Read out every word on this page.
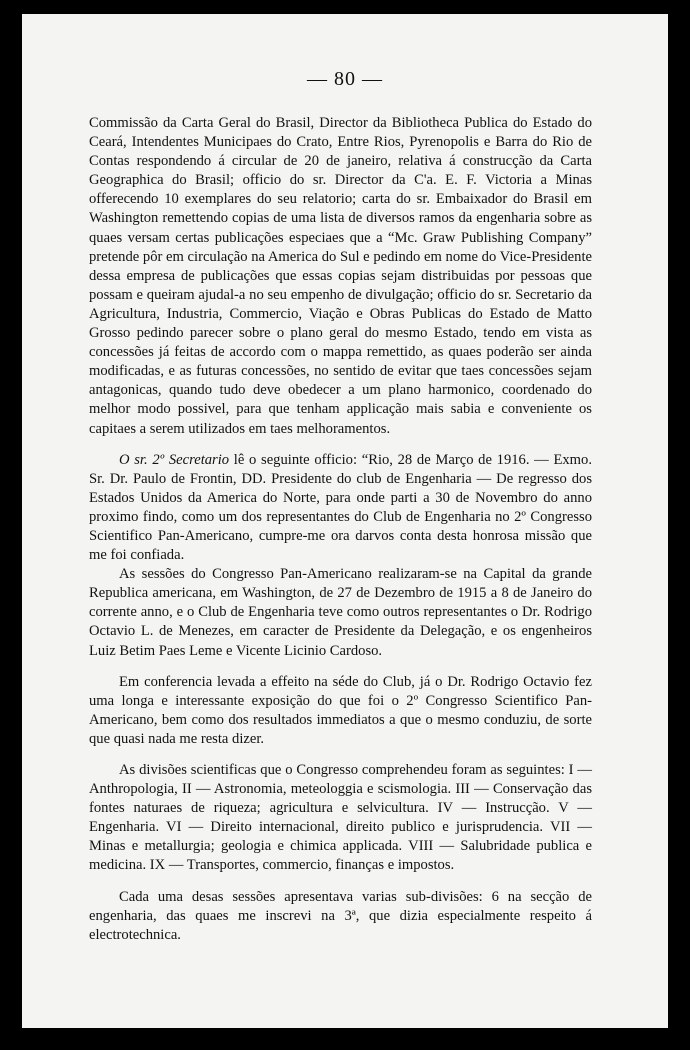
— 80 —

Commissão da Carta Geral do Brasil, Director da Bibliotheca Publica do Estado do Ceará, Intendentes Municipaes do Crato, Entre Rios, Pyrenopolis e Barra do Rio de Contas respondendo á circular de 20 de janeiro, relativa á construcção da Carta Geographica do Brasil; officio do sr. Director da C'a. E. F. Victoria a Minas offerecendo 10 exemplares do seu relatorio; carta do sr. Embaixador do Brasil em Washington remettendo copias de uma lista de diversos ramos da engenharia sobre as quaes versam certas publicações especiaes que a “Mc. Graw Publishing Company” pretende pôr em circulação na America do Sul e pedindo em nome do Vice-Presidente dessa empresa de publicações que essas copias sejam distribuidas por pessoas que possam e queiram ajudal-a no seu empenho de divulgação; officio do sr. Secretario da Agricultura, Industria, Commercio, Viação e Obras Publicas do Estado de Matto Grosso pedindo parecer sobre o plano geral do mesmo Estado, tendo em vista as concessões já feitas de accordo com o mappa remettido, as quaes poderão ser ainda modificadas, e as futuras concessões, no sentido de evitar que taes concessões sejam antagonicas, quando tudo deve obedecer a um plano harmonico, coordenado do melhor modo possivel, para que tenham applicação mais sabia e conveniente os capitaes a serem utilizados em taes melhoramentos.

O sr. 2º Secretario lê o seguinte officio: “Rio, 28 de Março de 1916. — Exmo. Sr. Dr. Paulo de Frontin, DD. Presidente do club de Engenharia — De regresso dos Estados Unidos da America do Norte, para onde parti a 30 de Novembro do anno proximo findo, como um dos representantes do Club de Engenharia no 2º Congresso Scientifico Pan-Americano, cumpre-me ora darvos conta desta honrosa missão que me foi confiada.

As sessões do Congresso Pan-Americano realizaram-se na Capital da grande Republica americana, em Washington, de 27 de Dezembro de 1915 a 8 de Janeiro do corrente anno, e o Club de Engenharia teve como outros representantes o Dr. Rodrigo Octavio L. de Menezes, em caracter de Presidente da Delegação, e os engenheiros Luiz Betim Paes Leme e Vicente Licinio Cardoso.

Em conferencia levada a effeito na séde do Club, já o Dr. Rodrigo Octavio fez uma longa e interessante exposição do que foi o 2º Congresso Scientifico Pan-Americano, bem como dos resultados immediatos a que o mesmo conduziu, de sorte que quasi nada me resta dizer.

As divisões scientificas que o Congresso comprehendeu foram as seguintes: I — Anthropologia, II — Astronomia, meteologgia e scismologia. III — Conservação das fontes naturaes de riqueza; agricultura e selvicultura. IV — Instrucção. V — Engenharia. VI — Direito internacional, direito publico e jurisprudencia. VII — Minas e metallurgia; geologia e chimica applicada. VIII — Salubridade publica e medicina. IX — Transportes, commercio, finanças e impostos.

Cada uma desas sessões apresentava varias sub-divisões: 6 na secção de engenharia, das quaes me inscrevi na 3ª, que dizia especialmente respeito á electrotechnica.
